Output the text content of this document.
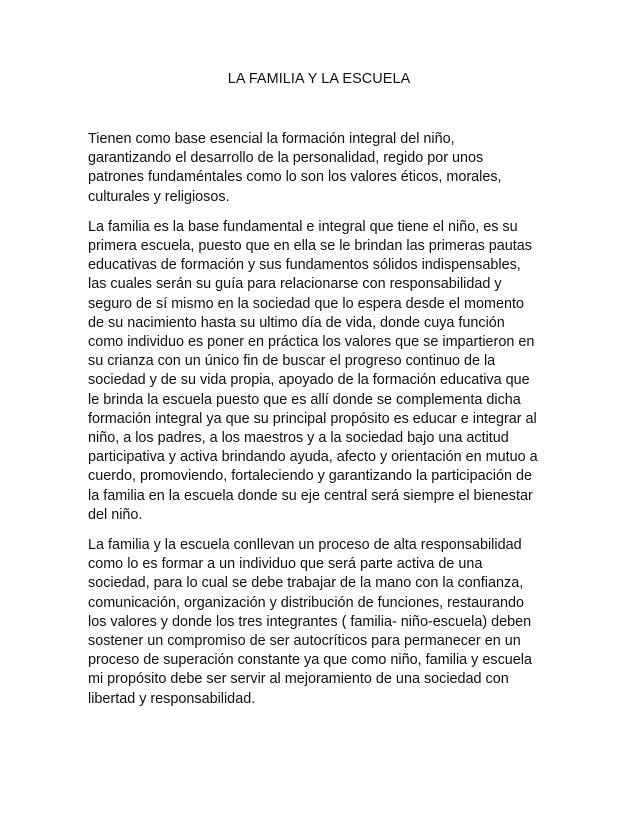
LA FAMILIA Y LA ESCUELA

Tienen como base esencial la formación integral del niño,
garantizando el desarrollo de la personalidad, regido por unos
patrones fundaméntales como lo son los valores éticos, morales,
culturales y religiosos.

La familia es la base fundamental e integral que tiene el niño, es su
primera escuela, puesto que en ella se le brindan las primeras pautas
educativas de formación y sus fundamentos sólidos indispensables,
las cuales serán su guía para relacionarse con responsabilidad y
seguro de sí mismo en la sociedad que lo espera desde el momento
de su nacimiento hasta su ultimo día de vida, donde cuya función
como individuo es poner en práctica los valores que se impartieron en
su crianza con un único fin de buscar el progreso continuo de la
sociedad y de su vida propia, apoyado de la formación educativa que
le brinda la escuela puesto que es allí donde se complementa dicha
formación integral ya que su principal propósito es educar e integrar al
niño, a los padres, a los maestros y a la sociedad bajo una actitud
participativa y activa brindando ayuda, afecto y orientación en mutuo a
cuerdo, promoviendo, fortaleciendo y garantizando la participación de
la familia en la escuela donde su eje central será siempre el bienestar
del niño.

La familia y la escuela conllevan un proceso de alta responsabilidad
como lo es formar a un individuo que será parte activa de una
sociedad, para lo cual se debe trabajar de la mano con la confianza,
comunicación, organización y distribución de funciones, restaurando
los valores y donde los tres integrantes ( familia- niño-escuela) deben
sostener un compromiso de ser autocríticos para permanecer en un
proceso de superación constante ya que como niño, familia y escuela
mi propósito debe ser servir al mejoramiento de una sociedad con
libertad y responsabilidad.
